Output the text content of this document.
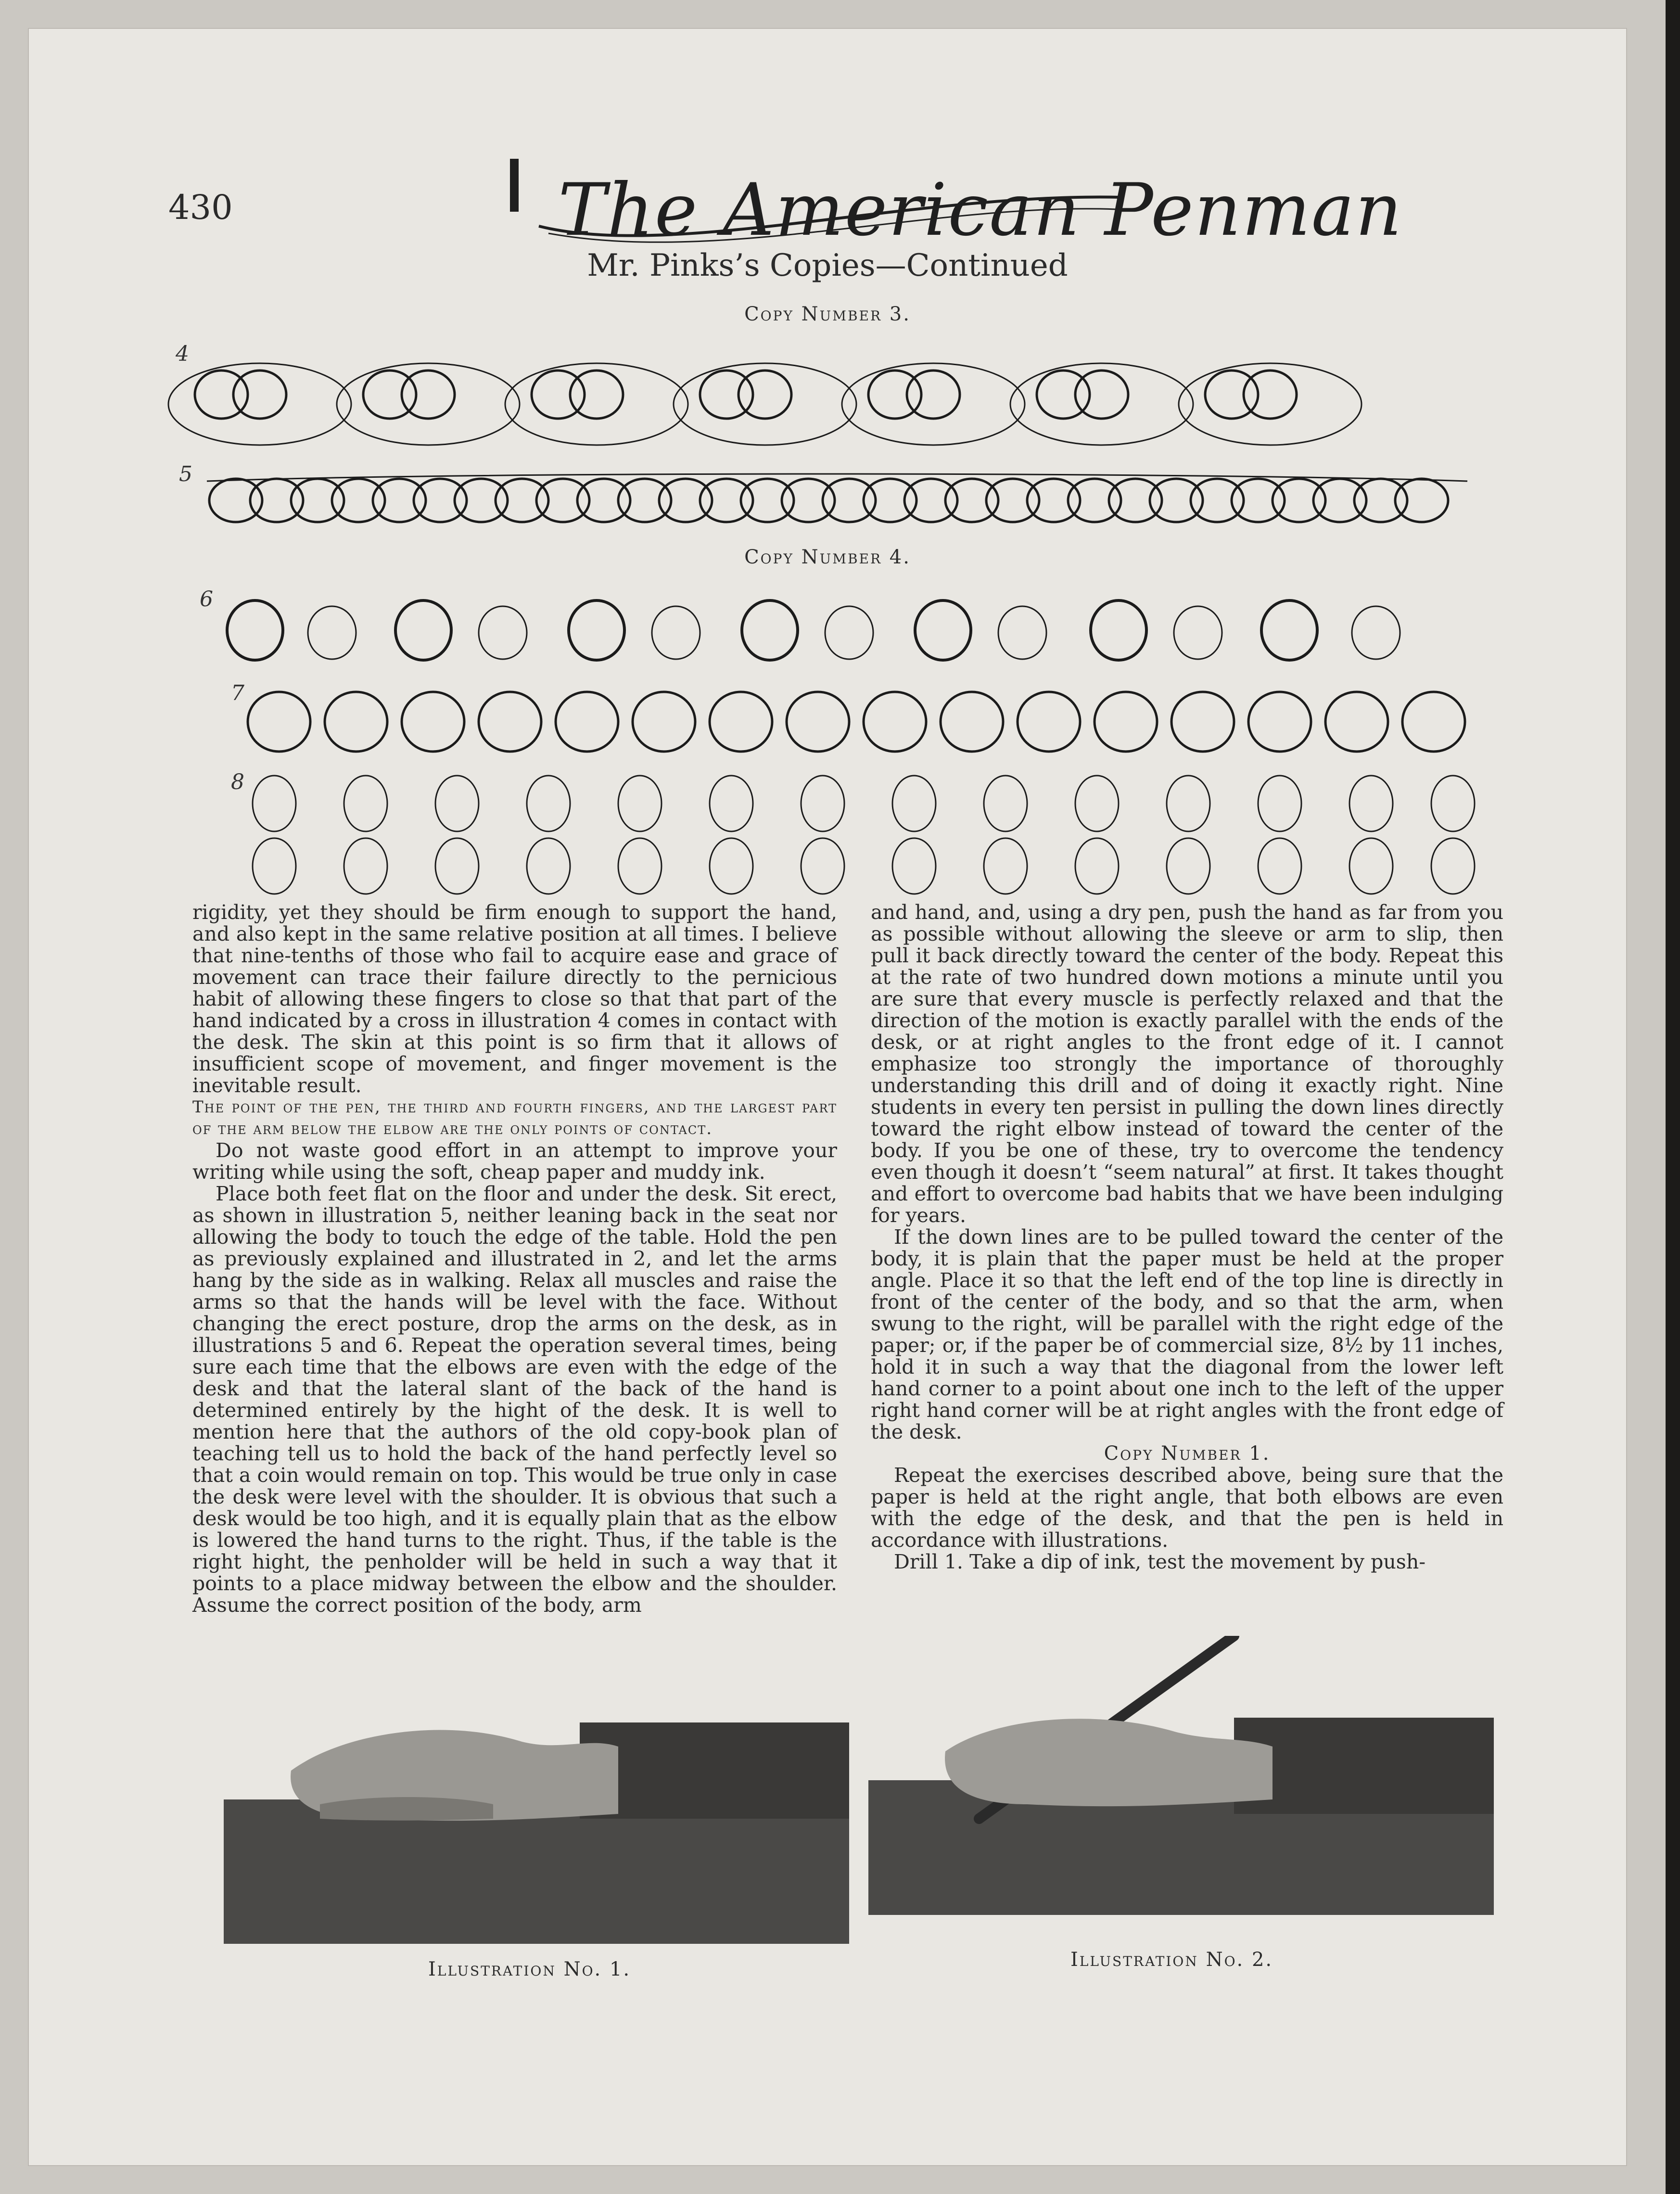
430	The American Penman
Mr. Pinks’s Copies—Continued
Copy Number 3.
4
5
Copy Number 4.
6
7
8

rigidity, yet they should be firm enough to support the hand, and also kept in the same relative position at all times. I believe that nine-tenths of those who fail to acquire ease and grace of movement can trace their failure directly to the pernicious habit of allowing these fingers to close so that that part of the hand indicated by a cross in illustration 4 comes in contact with the desk. The skin at this point is so firm that it allows of insufficient scope of movement, and finger movement is the inevitable result.

The point of the pen, the third and fourth fingers, and the largest part of the arm below the elbow are the only points of contact.

Do not waste good effort in an attempt to improve your writing while using the soft, cheap paper and muddy ink.

Place both feet flat on the floor and under the desk. Sit erect, as shown in illustration 5, neither leaning back in the seat nor allowing the body to touch the edge of the table. Hold the pen as previously explained and illustrated in 2, and let the arms hang by the side as in walking. Relax all muscles and raise the arms so that the hands will be level with the face. Without changing the erect posture, drop the arms on the desk, as in illustrations 5 and 6. Repeat the operation several times, being sure each time that the elbows are even with the edge of the desk and that the lateral slant of the back of the hand is determined entirely by the hight of the desk. It is well to mention here that the authors of the old copy-book plan of teaching tell us to hold the back of the hand perfectly level so that a coin would remain on top. This would be true only in case the desk were level with the shoulder. It is obvious that such a desk would be too high, and it is equally plain that as the elbow is lowered the hand turns to the right. Thus, if the table is the right hight, the penholder will be held in such a way that it points to a place midway between the elbow and the shoulder. Assume the correct position of the body, arm

and hand, and, using a dry pen, push the hand as far from you as possible without allowing the sleeve or arm to slip, then pull it back directly toward the center of the body. Repeat this at the rate of two hundred down motions a minute until you are sure that every muscle is perfectly relaxed and that the direction of the motion is exactly parallel with the ends of the desk, or at right angles to the front edge of it. I cannot emphasize too strongly the importance of thoroughly understanding this drill and of doing it exactly right. Nine students in every ten persist in pulling the down lines directly toward the right elbow instead of toward the center of the body. If you be one of these, try to overcome the tendency even though it doesn’t “seem natural” at first. It takes thought and effort to overcome bad habits that we have been indulging for years.

If the down lines are to be pulled toward the center of the body, it is plain that the paper must be held at the proper angle. Place it so that the left end of the top line is directly in front of the center of the body, and so that the arm, when swung to the right, will be parallel with the right edge of the paper; or, if the paper be of commercial size, 8½ by 11 inches, hold it in such a way that the diagonal from the lower left hand corner to a point about one inch to the left of the upper right hand corner will be at right angles with the front edge of the desk.

Copy Number 1.

Repeat the exercises described above, being sure that the paper is held at the right angle, that both elbows are even with the edge of the desk, and that the pen is held in accordance with illustrations.

Drill 1. Take a dip of ink, test the movement by push-

Illustration No. 1.	Illustration No. 2.
